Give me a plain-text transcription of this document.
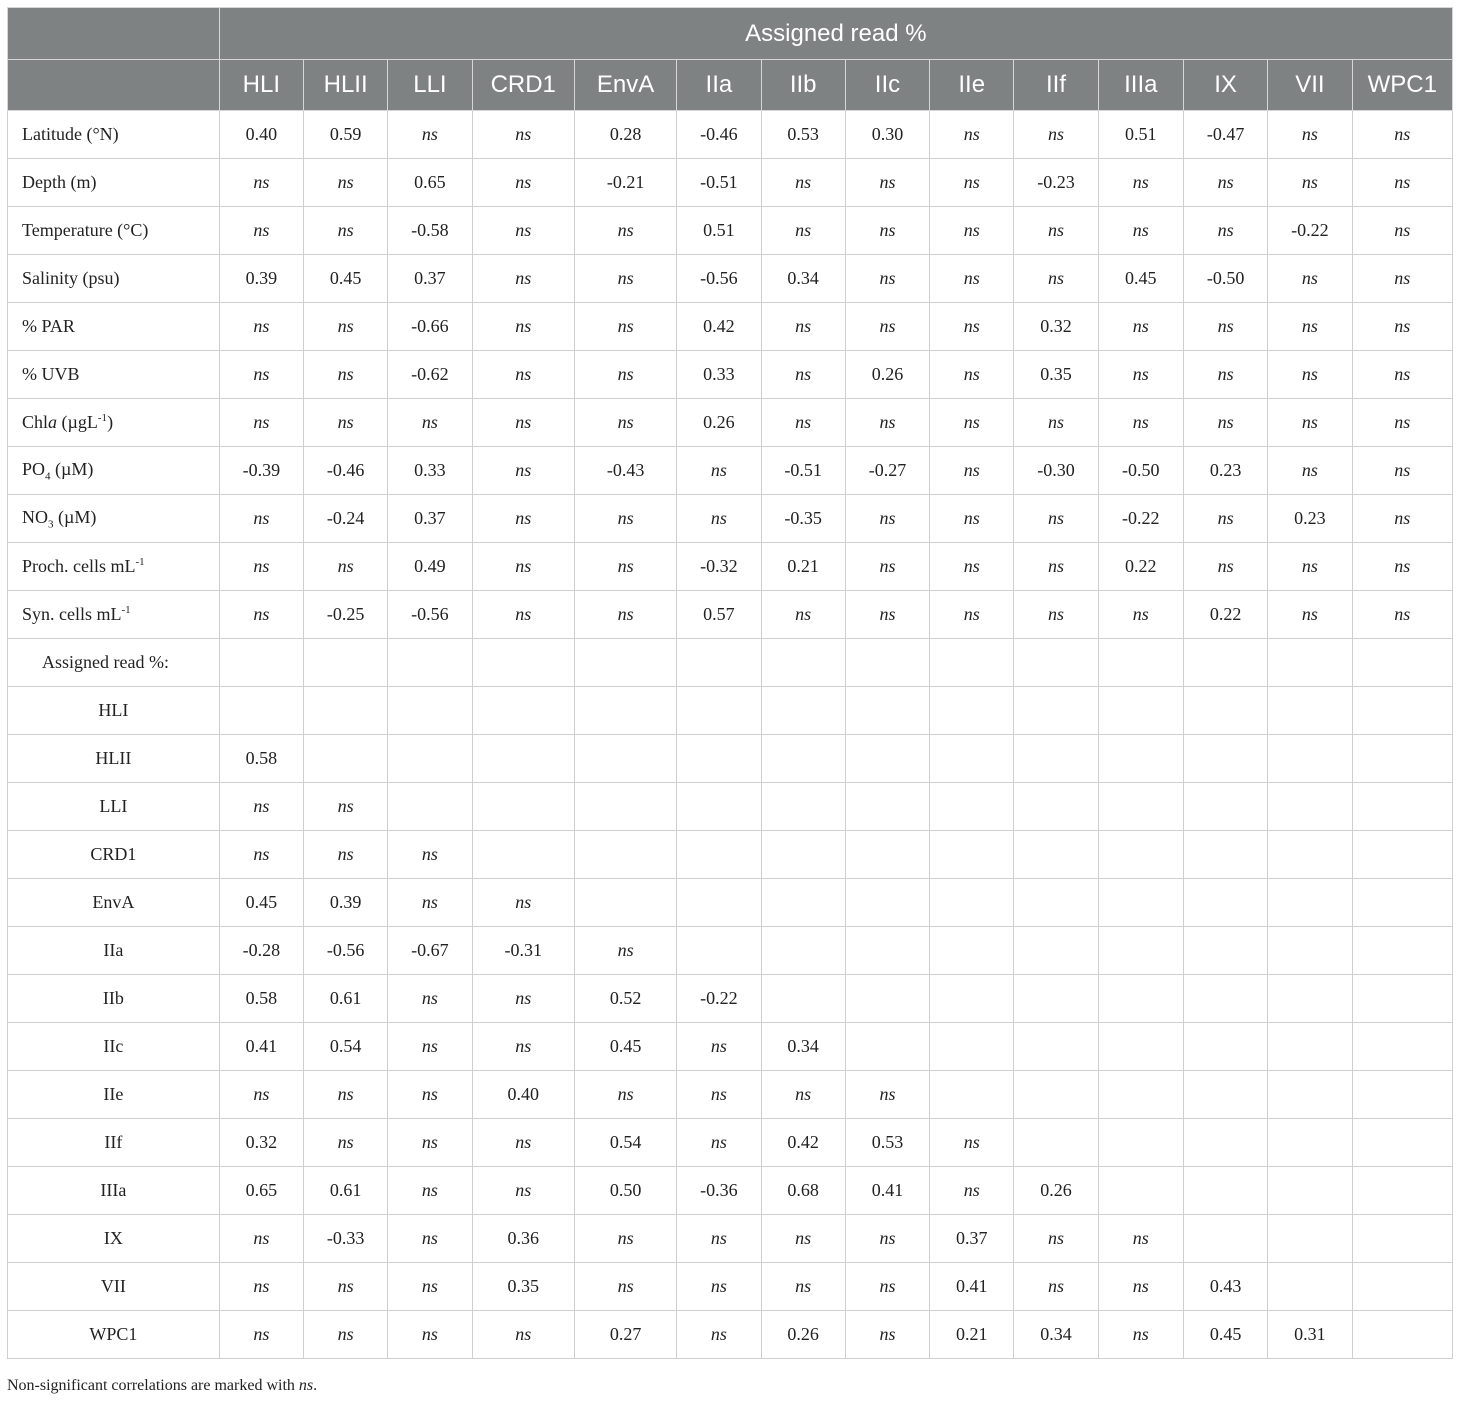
	Assigned read %													
	HLI	HLII	LLI	CRD1	EnvA	IIa	IIb	IIc	IIe	IIf	IIIa	IX	VII	WPC1
Latitude (°N)	0.40	0.59	ns	ns	0.28	-0.46	0.53	0.30	ns	ns	0.51	-0.47	ns	ns
Depth (m)	ns	ns	0.65	ns	-0.21	-0.51	ns	ns	ns	-0.23	ns	ns	ns	ns
Temperature (°C)	ns	ns	-0.58	ns	ns	0.51	ns	ns	ns	ns	ns	ns	-0.22	ns
Salinity (psu)	0.39	0.45	0.37	ns	ns	-0.56	0.34	ns	ns	ns	0.45	-0.50	ns	ns
% PAR	ns	ns	-0.66	ns	ns	0.42	ns	ns	ns	0.32	ns	ns	ns	ns
% UVB	ns	ns	-0.62	ns	ns	0.33	ns	0.26	ns	0.35	ns	ns	ns	ns
Chla (µgL$^{-1}$)	ns	ns	ns	ns	ns	0.26	ns	ns	ns	ns	ns	ns	ns	ns
$PO_4$ (µM)	-0.39	-0.46	0.33	ns	-0.43	ns	-0.51	-0.27	ns	-0.30	-0.50	0.23	ns	ns
$NO_3$ (µM)	ns	-0.24	0.37	ns	ns	ns	-0.35	ns	ns	ns	-0.22	ns	0.23	ns
Proch. cells $mL^{-1}$	ns	ns	0.49	ns	ns	-0.32	0.21	ns	ns	ns	0.22	ns	ns	ns
Syn. cells $mL^{-1}$	ns	-0.25	-0.56	ns	ns	0.57	ns	ns	ns	ns	ns	0.22	ns	ns
Assigned read %:														
HLI														
HLII	0.58													
LLI	ns	ns												
CRD1	ns	ns	ns											
EnvA	0.45	0.39	ns	ns										
IIa	-0.28	-0.56	-0.67	-0.31	ns									
IIb	0.58	0.61	ns	ns	0.52	-0.22								
IIc	0.41	0.54	ns	ns	0.45	ns	0.34							
IIe	ns	ns	ns	0.40	ns	ns	ns	ns						
IIf	0.32	ns	ns	ns	0.54	ns	0.42	0.53	ns					
IIIa	0.65	0.61	ns	ns	0.50	-0.36	0.68	0.41	ns	0.26				
IX	ns	-0.33	ns	0.36	ns	ns	ns	ns	0.37	ns	ns			
VII	ns	ns	ns	0.35	ns	ns	ns	ns	0.41	ns	ns	0.43		
WPC1	ns	ns	ns	ns	0.27	ns	0.26	ns	0.21	0.34	ns	0.45	0.31	
Non-significant correlations are marked with ns.
